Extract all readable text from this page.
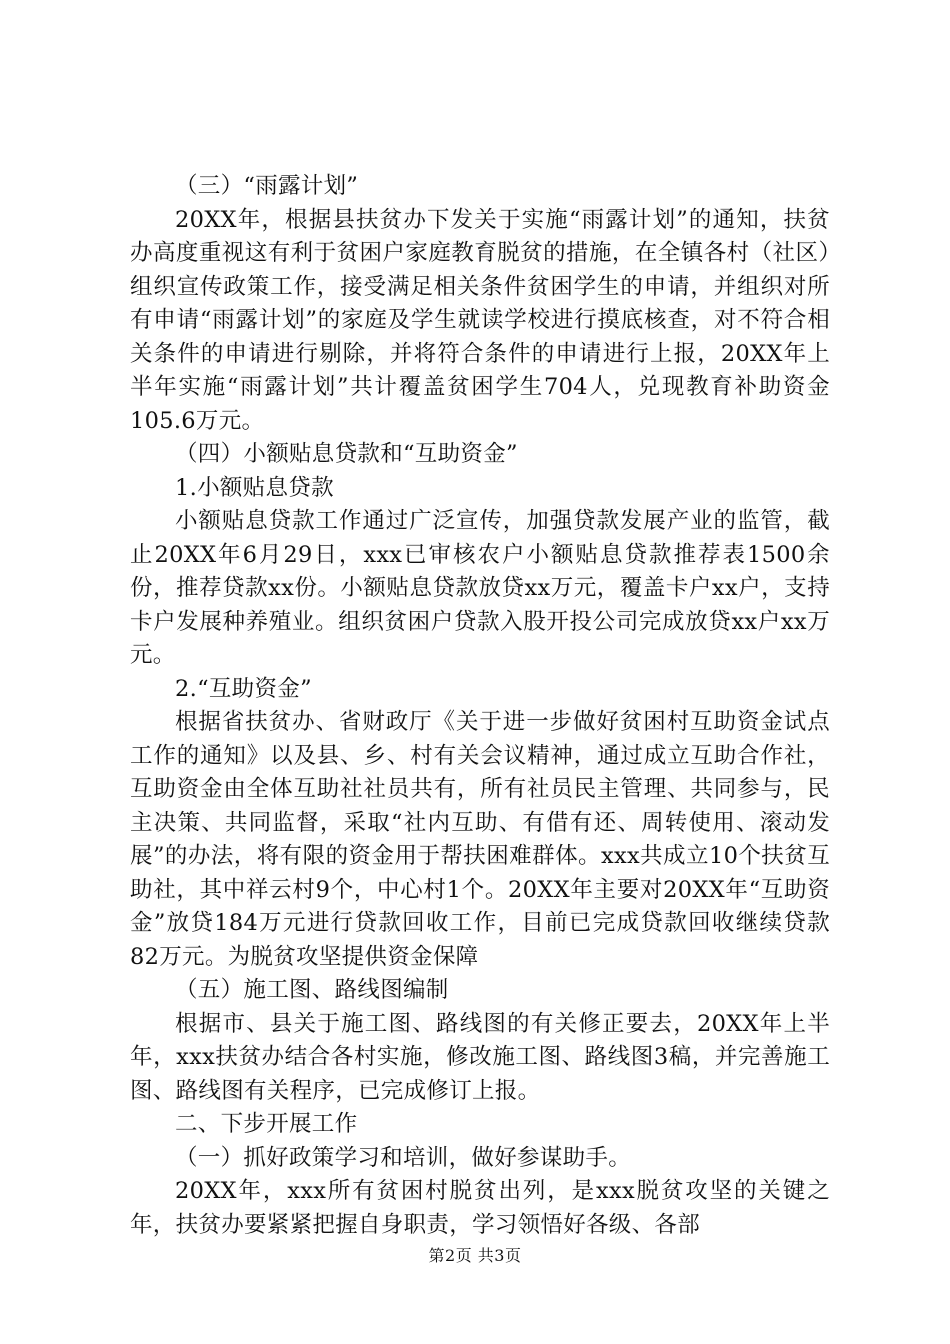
（三）“雨露计划”

20XX年，根据县扶贫办下发关于实施“雨露计划”的通知，扶贫办高度重视这有利于贫困户家庭教育脱贫的措施，在全镇各村（社区）组织宣传政策工作，接受满足相关条件贫困学生的申请，并组织对所有申请“雨露计划”的家庭及学生就读学校进行摸底核查，对不符合相关条件的申请进行剔除，并将符合条件的申请进行上报，20XX年上半年实施“雨露计划”共计覆盖贫困学生704人，兑现教育补助资金105.6万元。

（四）小额贴息贷款和“互助资金”

1.小额贴息贷款

小额贴息贷款工作通过广泛宣传，加强贷款发展产业的监管，截止20XX年6月29日，xxx已审核农户小额贴息贷款推荐表1500余份，推荐贷款xx份。小额贴息贷款放贷xx万元，覆盖卡户xx户，支持卡户发展种养殖业。组织贫困户贷款入股开投公司完成放贷xx户xx万元。

2.“互助资金”

根据省扶贫办、省财政厅《关于进一步做好贫困村互助资金试点工作的通知》以及县、乡、村有关会议精神，通过成立互助合作社，互助资金由全体互助社社员共有，所有社员民主管理、共同参与，民主决策、共同监督，采取“社内互助、有借有还、周转使用、滚动发展”的办法，将有限的资金用于帮扶困难群体。xxx共成立10个扶贫互助社，其中祥云村9个，中心村1个。20XX年主要对20XX年“互助资金”放贷184万元进行贷款回收工作，目前已完成贷款回收继续贷款82万元。为脱贫攻坚提供资金保障

（五）施工图、路线图编制

根据市、县关于施工图、路线图的有关修正要去，20XX年上半年，xxx扶贫办结合各村实施，修改施工图、路线图3稿，并完善施工图、路线图有关程序，已完成修订上报。

二、下步开展工作

（一）抓好政策学习和培训，做好参谋助手。

20XX年，xxx所有贫困村脱贫出列，是xxx脱贫攻坚的关键之年，扶贫办要紧紧把握自身职责，学习领悟好各级、各部

第2页 共3页
